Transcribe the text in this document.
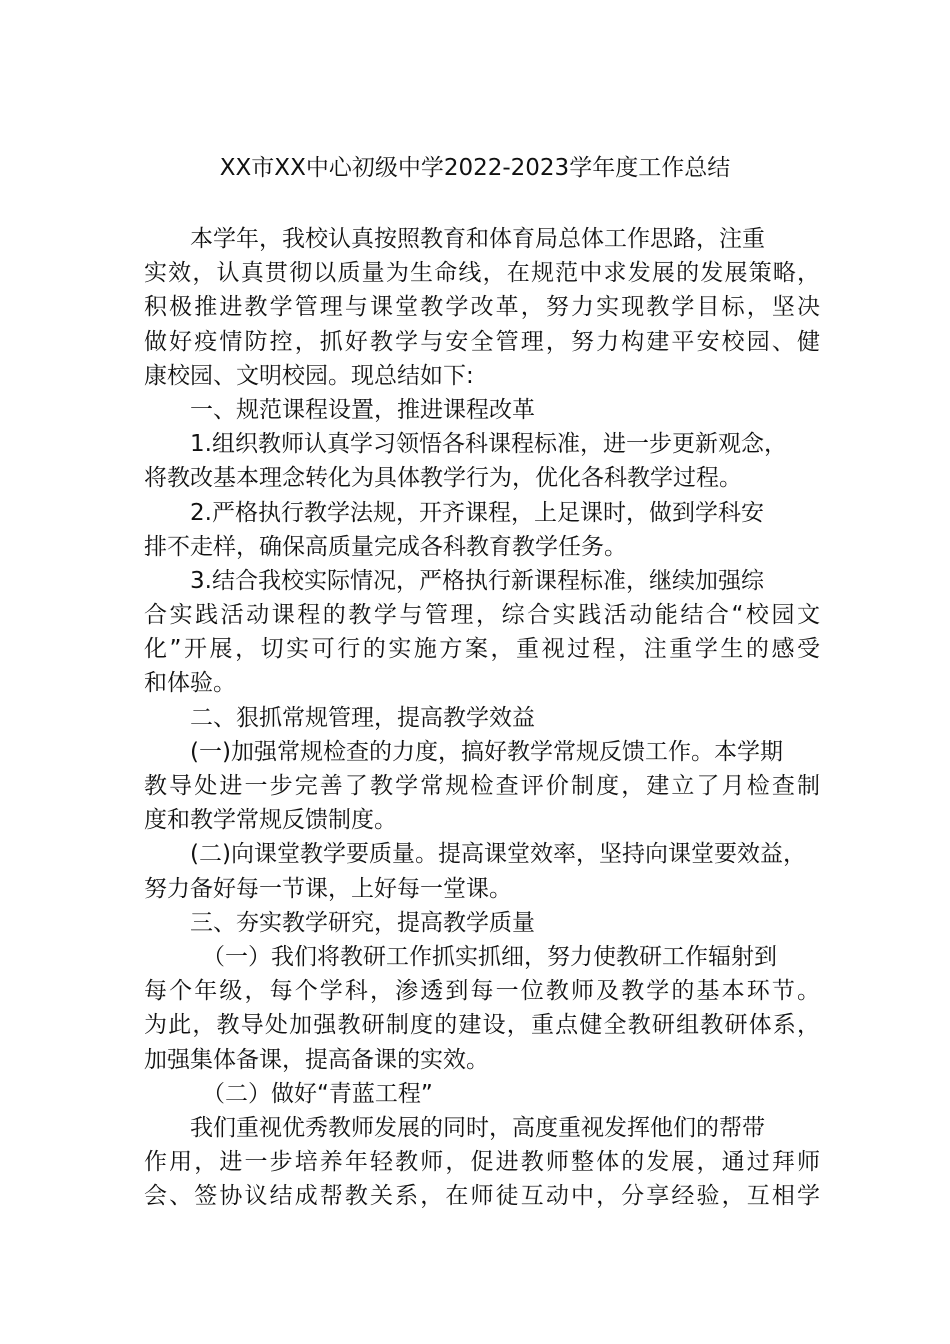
XX市XX中心初级中学2022-2023学年度工作总结
本学年，我校认真按照教育和体育局总体工作思路，注重
实效，认真贯彻以质量为生命线，在规范中求发展的发展策略，
积极推进教学管理与课堂教学改革，努力实现教学目标，坚决
做好疫情防控，抓好教学与安全管理，努力构建平安校园、健
康校园、文明校园。现总结如下:
一、规范课程设置，推进课程改革
1.组织教师认真学习领悟各科课程标准，进一步更新观念，
将教改基本理念转化为具体教学行为，优化各科教学过程。
2.严格执行教学法规，开齐课程，上足课时，做到学科安
排不走样，确保高质量完成各科教育教学任务。
3.结合我校实际情况，严格执行新课程标准，继续加强综
合实践活动课程的教学与管理，综合实践活动能结合“校园文
化”开展，切实可行的实施方案，重视过程，注重学生的感受
和体验。
二、狠抓常规管理，提高教学效益
(一)加强常规检查的力度，搞好教学常规反馈工作。本学期
教导处进一步完善了教学常规检查评价制度，建立了月检查制
度和教学常规反馈制度。
(二)向课堂教学要质量。提高课堂效率，坚持向课堂要效益，
努力备好每一节课，上好每一堂课。
三、夯实教学研究，提高教学质量
（一）我们将教研工作抓实抓细，努力使教研工作辐射到
每个年级，每个学科，渗透到每一位教师及教学的基本环节。
为此，教导处加强教研制度的建设，重点健全教研组教研体系，
加强集体备课，提高备课的实效。
（二）做好“青蓝工程”
我们重视优秀教师发展的同时，高度重视发挥他们的帮带
作用，进一步培养年轻教师，促进教师整体的发展，通过拜师
会、签协议结成帮教关系，在师徒互动中，分享经验，互相学
